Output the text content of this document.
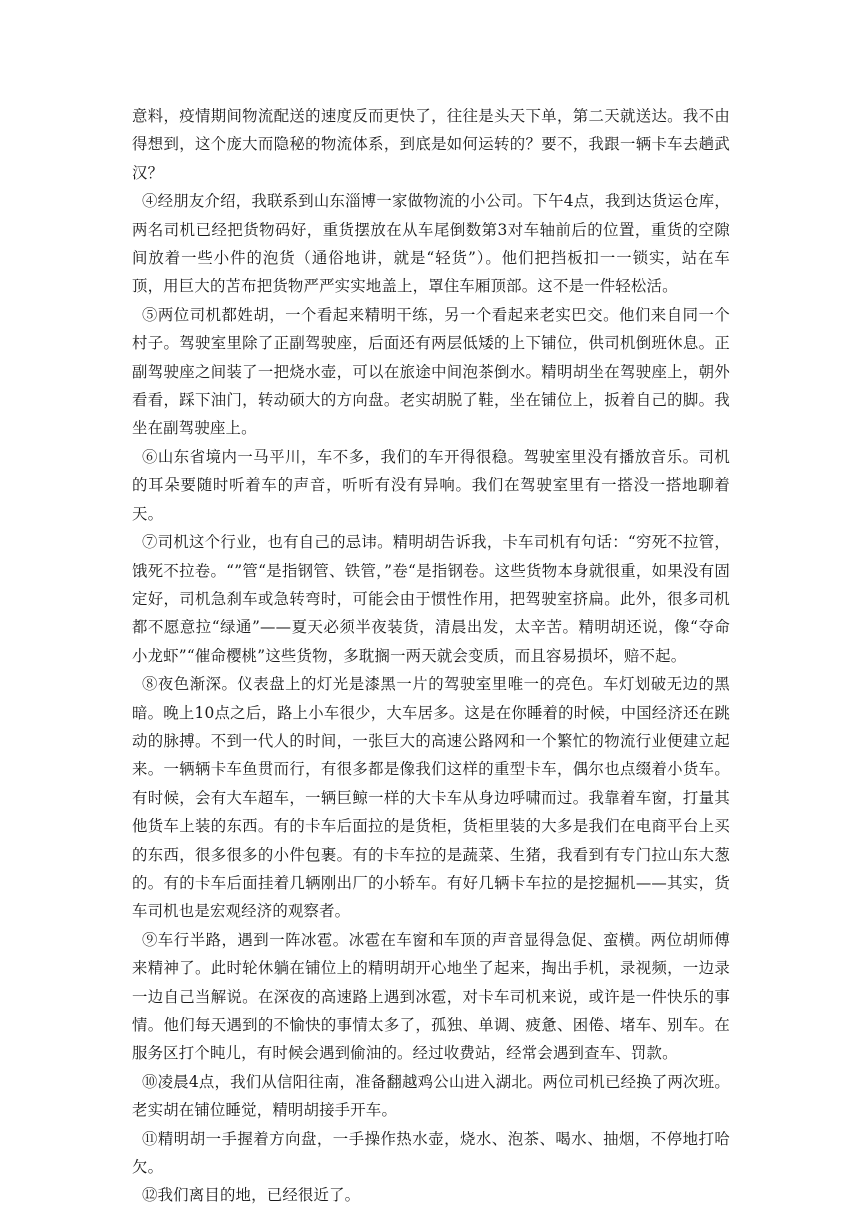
意料，疫情期间物流配送的速度反而更快了，往往是头天下单，第二天就送达。我不由得想到，这个庞大而隐秘的物流体系，到底是如何运转的？要不，我跟一辆卡车去趟武汉？

④经朋友介绍，我联系到山东淄博一家做物流的小公司。下午4点，我到达货运仓库，两名司机已经把货物码好，重货摆放在从车尾倒数第3对车轴前后的位置，重货的空隙间放着一些小件的泡货（通俗地讲，就是“轻货”）。他们把挡板扣一一锁实，站在车顶，用巨大的苫布把货物严严实实地盖上，罩住车厢顶部。这不是一件轻松活。

⑤两位司机都姓胡，一个看起来精明干练，另一个看起来老实巴交。他们来自同一个村子。驾驶室里除了正副驾驶座，后面还有两层低矮的上下铺位，供司机倒班休息。正副驾驶座之间装了一把烧水壶，可以在旅途中间泡茶倒水。精明胡坐在驾驶座上，朝外看看，踩下油门，转动硕大的方向盘。老实胡脱了鞋，坐在铺位上，扳着自己的脚。我坐在副驾驶座上。

⑥山东省境内一马平川，车不多，我们的车开得很稳。驾驶室里没有播放音乐。司机的耳朵要随时听着车的声音，听听有没有异响。我们在驾驶室里有一搭没一搭地聊着天。

⑦司机这个行业，也有自己的忌讳。精明胡告诉我，卡车司机有句话：“穷死不拉管，饿死不拉卷。“”管“是指钢管、铁管，”卷“是指钢卷。这些货物本身就很重，如果没有固定好，司机急刹车或急转弯时，可能会由于惯性作用，把驾驶室挤扁。此外，很多司机都不愿意拉“绿通”——夏天必须半夜装货，清晨出发，太辛苦。精明胡还说，像“夺命小龙虾”“催命樱桃”这些货物，多耽搁一两天就会变质，而且容易损坏，赔不起。

⑧夜色渐深。仪表盘上的灯光是漆黑一片的驾驶室里唯一的亮色。车灯划破无边的黑暗。晚上10点之后，路上小车很少，大车居多。这是在你睡着的时候，中国经济还在跳动的脉搏。不到一代人的时间，一张巨大的高速公路网和一个繁忙的物流行业便建立起来。一辆辆卡车鱼贯而行，有很多都是像我们这样的重型卡车，偶尔也点缀着小货车。有时候，会有大车超车，一辆巨鲸一样的大卡车从身边呼啸而过。我靠着车窗，打量其他货车上装的东西。有的卡车后面拉的是货柜，货柜里装的大多是我们在电商平台上买的东西，很多很多的小件包裹。有的卡车拉的是蔬菜、生猪，我看到有专门拉山东大葱的。有的卡车后面挂着几辆刚出厂的小轿车。有好几辆卡车拉的是挖掘机——其实，货车司机也是宏观经济的观察者。

⑨车行半路，遇到一阵冰雹。冰雹在车窗和车顶的声音显得急促、蛮横。两位胡师傅来精神了。此时轮休躺在铺位上的精明胡开心地坐了起来，掏出手机，录视频，一边录一边自己当解说。在深夜的高速路上遇到冰雹，对卡车司机来说，或许是一件快乐的事情。他们每天遇到的不愉快的事情太多了，孤独、单调、疲惫、困倦、堵车、别车。在服务区打个盹儿，有时候会遇到偷油的。经过收费站，经常会遇到查车、罚款。

⑩凌晨4点，我们从信阳往南，准备翻越鸡公山进入湖北。两位司机已经换了两次班。老实胡在铺位睡觉，精明胡接手开车。

⑪精明胡一手握着方向盘，一手操作热水壶，烧水、泡茶、喝水、抽烟，不停地打哈欠。

⑫我们离目的地，已经很近了。
